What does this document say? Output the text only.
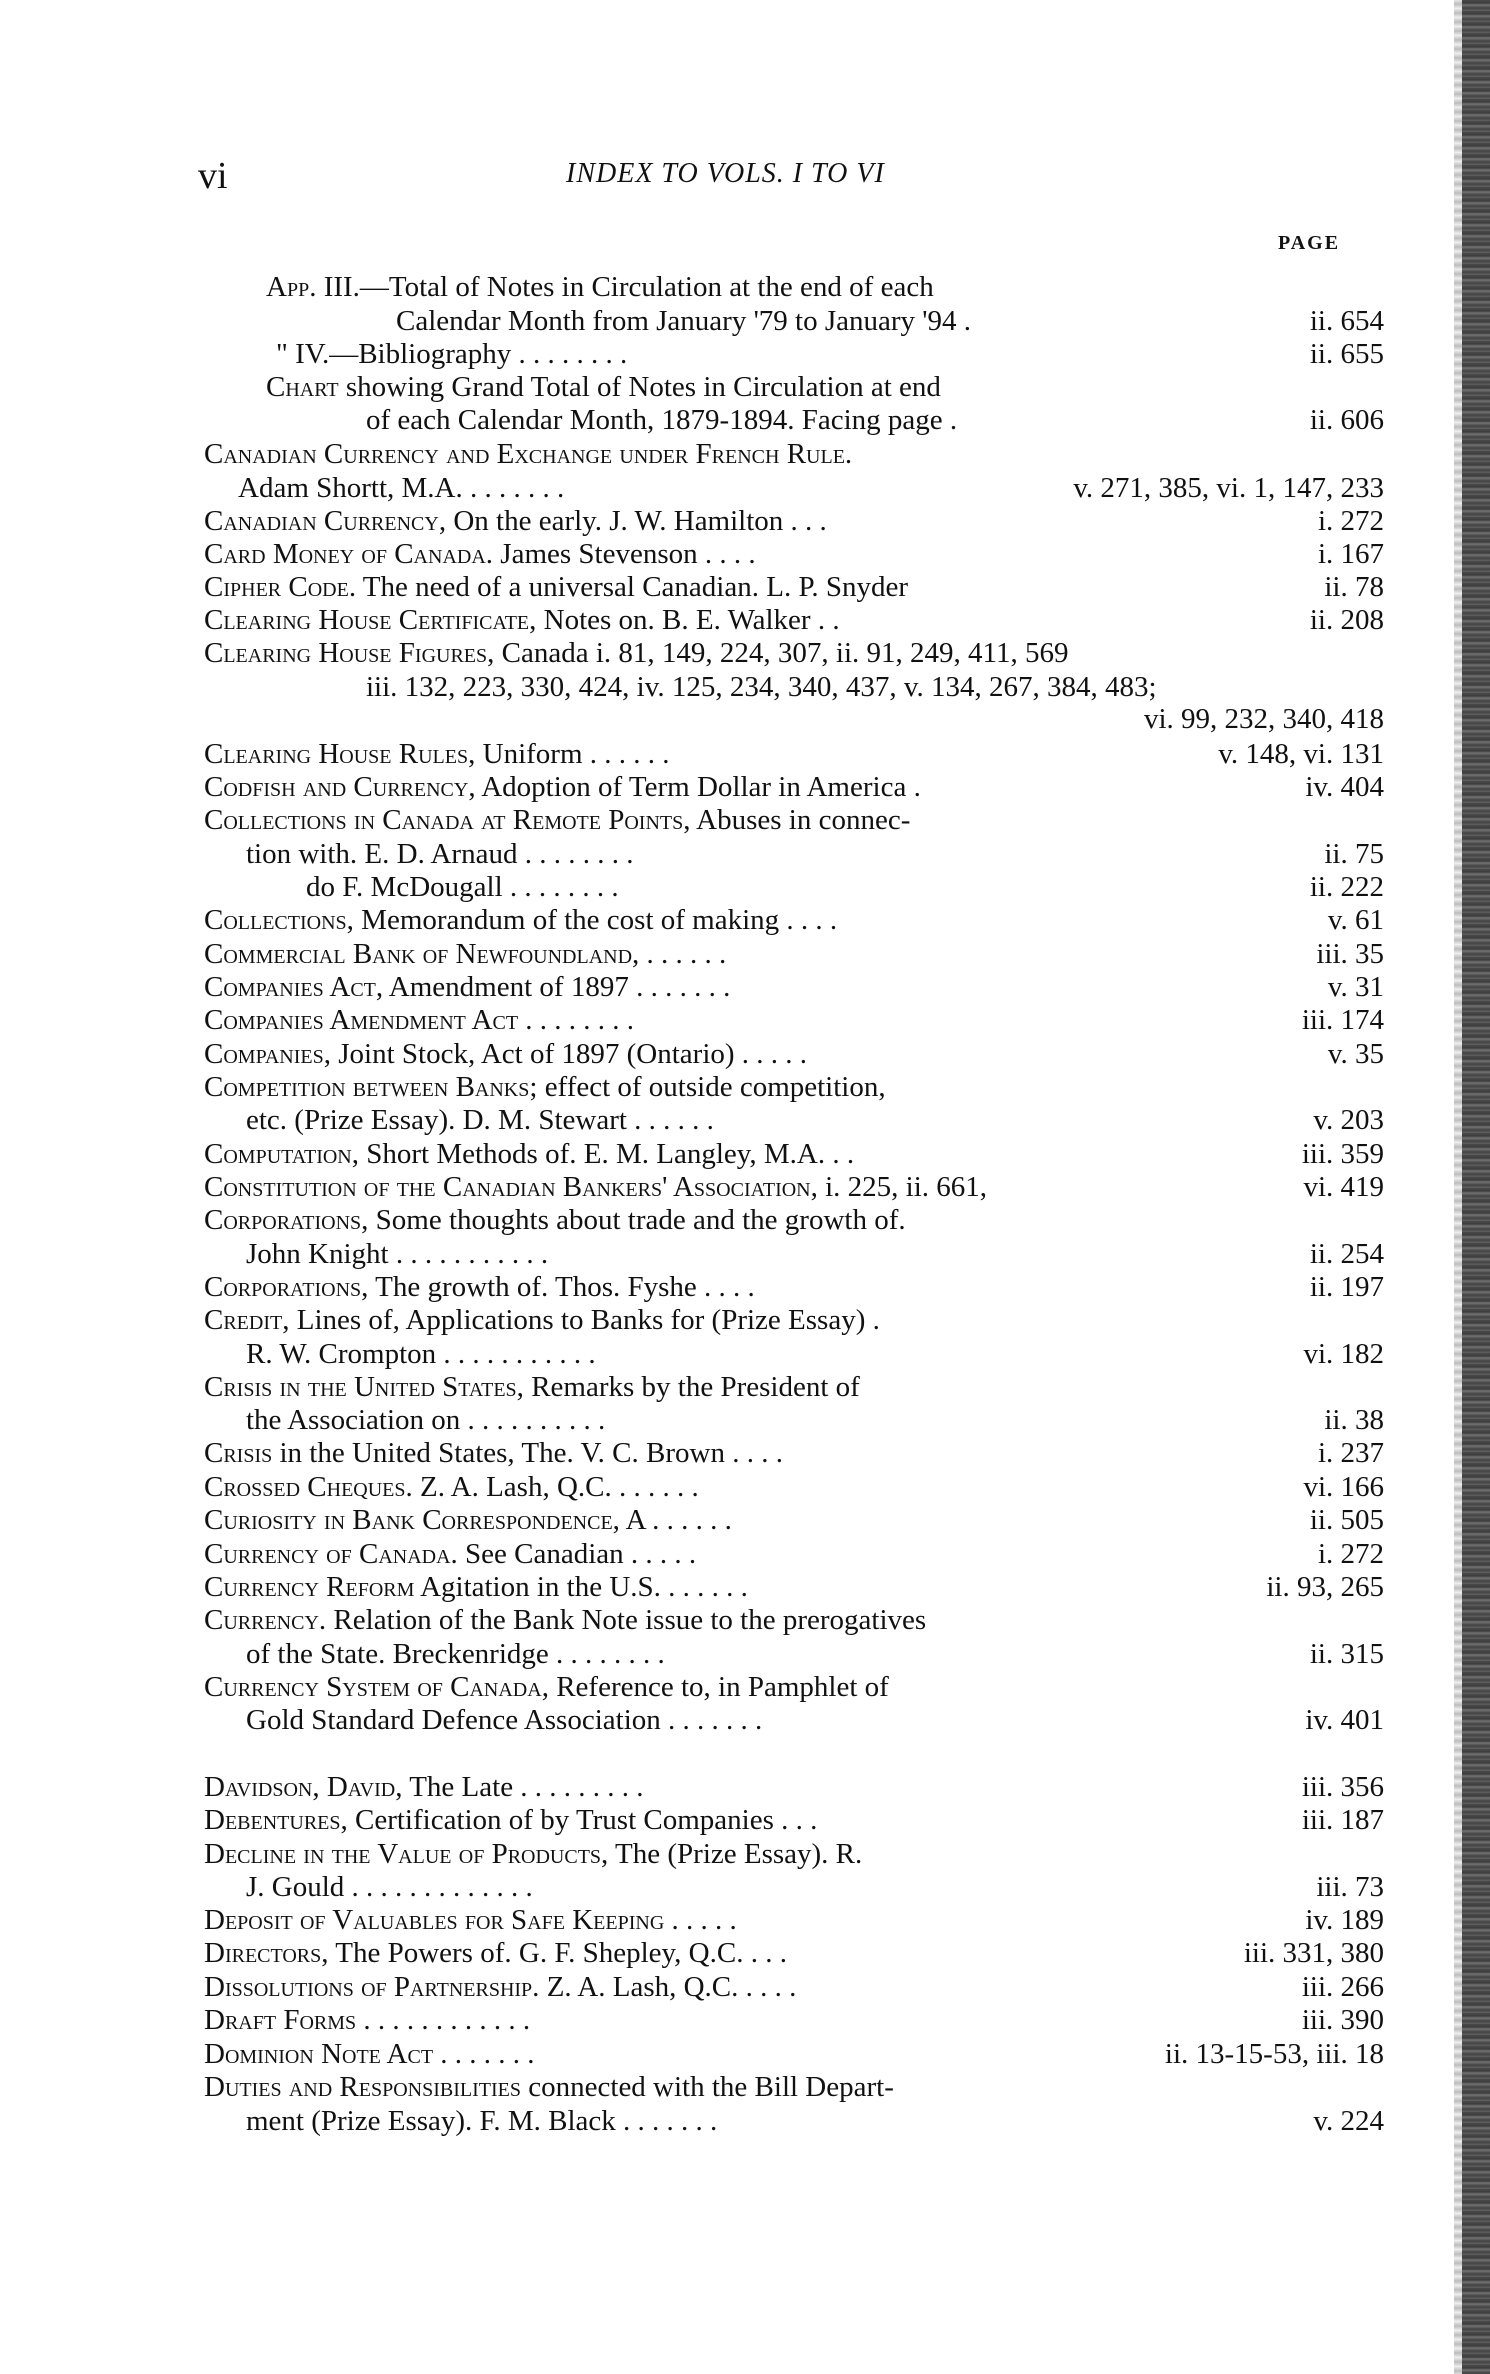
vi	INDEX TO VOLS. I TO VI
PAGE
App. III.—Total of Notes in Circulation at the end of each
Calendar Month from January '79 to January '94 .	ii. 654
" IV.—Bibliography . . . . . . . .	ii. 655
Chart showing Grand Total of Notes in Circulation at end
of each Calendar Month, 1879-1894. Facing page .	ii. 606
Canadian Currency and Exchange under French Rule.
Adam Shortt, M.A. . . . . . . .	v. 271, 385, vi. 1, 147, 233
Canadian Currency, On the early. J. W. Hamilton . . .	i. 272
Card Money of Canada. James Stevenson . . . .	i. 167
Cipher Code. The need of a universal Canadian. L. P. Snyder	ii. 78
Clearing House Certificate, Notes on. B. E. Walker . .	ii. 208
Clearing House Figures, Canada i. 81, 149, 224, 307, ii. 91, 249, 411, 569
iii. 132, 223, 330, 424, iv. 125, 234, 340, 437, v. 134, 267, 384, 483;
vi. 99, 232, 340, 418
Clearing House Rules, Uniform . . . . . .	v. 148, vi. 131
Codfish and Currency, Adoption of Term Dollar in America .	iv. 404
Collections in Canada at Remote Points, Abuses in connec-
tion with. E. D. Arnaud . . . . . . . .	ii. 75
do F. McDougall . . . . . . . .	ii. 222
Collections, Memorandum of the cost of making . . . .	v. 61
Commercial Bank of Newfoundland, . . . . . .	iii. 35
Companies Act, Amendment of 1897 . . . . . . .	v. 31
Companies Amendment Act . . . . . . . .	iii. 174
Companies, Joint Stock, Act of 1897 (Ontario) . . . . .	v. 35
Competition between Banks; effect of outside competition,
etc. (Prize Essay). D. M. Stewart . . . . . .	v. 203
Computation, Short Methods of. E. M. Langley, M.A. . .	iii. 359
Constitution of the Canadian Bankers' Association, i. 225, ii. 661,	vi. 419
Corporations, Some thoughts about trade and the growth of.
John Knight . . . . . . . . . . .	ii. 254
Corporations, The growth of. Thos. Fyshe . . . .	ii. 197
Credit, Lines of, Applications to Banks for (Prize Essay) .
R. W. Crompton . . . . . . . . . . .	vi. 182
Crisis in the United States, Remarks by the President of
the Association on . . . . . . . . . .	ii. 38
Crisis in the United States, The. V. C. Brown . . . .	i. 237
Crossed Cheques. Z. A. Lash, Q.C. . . . . . .	vi. 166
Curiosity in Bank Correspondence, A . . . . . .	ii. 505
Currency of Canada. See Canadian . . . . .	i. 272
Currency Reform Agitation in the U.S. . . . . . .	ii. 93, 265
Currency. Relation of the Bank Note issue to the prerogatives
of the State. Breckenridge . . . . . . . .	ii. 315
Currency System of Canada, Reference to, in Pamphlet of
Gold Standard Defence Association . . . . . . .	iv. 401
Davidson, David, The Late . . . . . . . . .	iii. 356
Debentures, Certification of by Trust Companies . . .	iii. 187
Decline in the Value of Products, The (Prize Essay). R.
J. Gould . . . . . . . . . . . . .	iii. 73
Deposit of Valuables for Safe Keeping . . . . .	iv. 189
Directors, The Powers of. G. F. Shepley, Q.C. . . .	iii. 331, 380
Dissolutions of Partnership. Z. A. Lash, Q.C. . . . .	iii. 266
Draft Forms . . . . . . . . . . . .	iii. 390
Dominion Note Act . . . . . . .	ii. 13-15-53, iii. 18
Duties and Responsibilities connected with the Bill Depart-
ment (Prize Essay). F. M. Black . . . . . . .	v. 224
